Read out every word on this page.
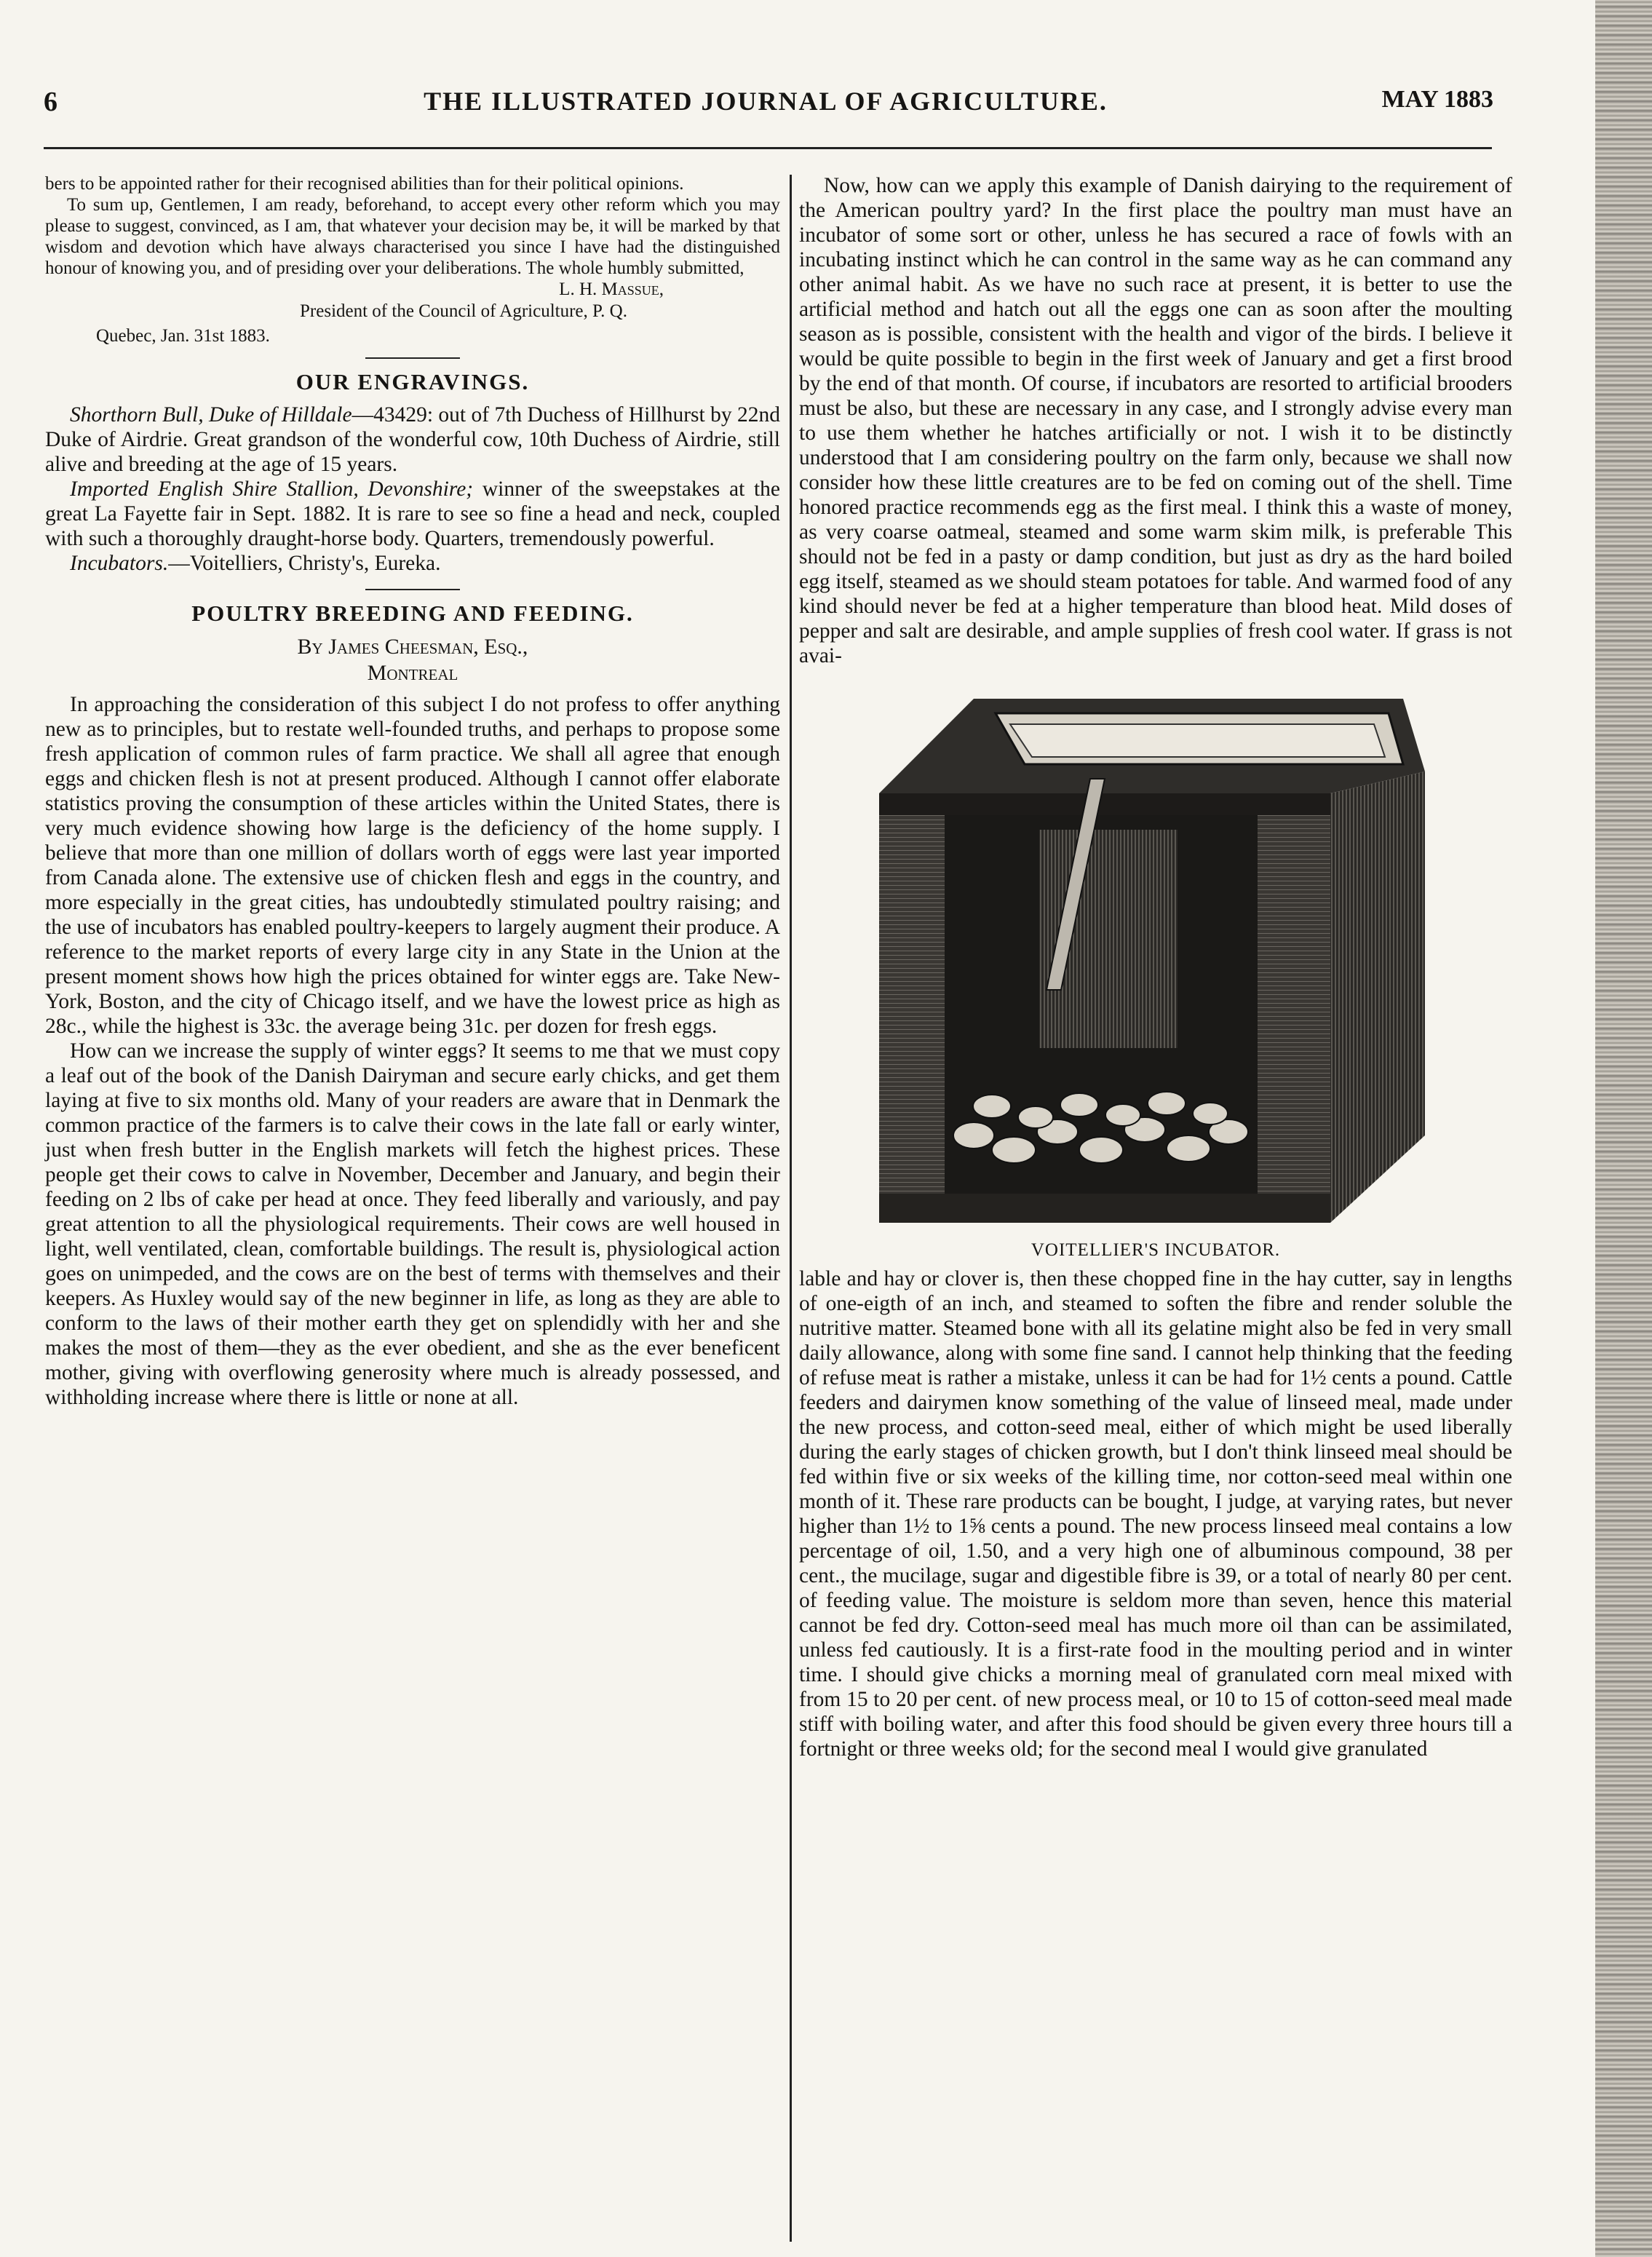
6	THE ILLUSTRATED JOURNAL OF AGRICULTURE.	MAY 1883

bers to be appointed rather for their recognised abilities than for their political opinions.

To sum up, Gentlemen, I am ready, beforehand, to accept every other reform which you may please to suggest, convinced, as I am, that whatever your decision may be, it will be marked by that wisdom and devotion which have always characterised you since I have had the distinguished honour of knowing you, and of presiding over your deliberations. The whole humbly submitted,

L. H. Massue,
President of the Council of Agriculture, P. Q.
Quebec, Jan. 31st 1883.
OUR ENGRAVINGS.

Shorthorn Bull, Duke of Hilldale—43429: out of 7th Duchess of Hillhurst by 22nd Duke of Airdrie. Great grandson of the wonderful cow, 10th Duchess of Airdrie, still alive and breeding at the age of 15 years.

Imported English Shire Stallion, Devonshire; winner of the sweepstakes at the great La Fayette fair in Sept. 1882. It is rare to see so fine a head and neck, coupled with such a thoroughly draught-horse body. Quarters, tremendously powerful.

Incubators.—Voitelliers, Christy's, Eureka.

POULTRY BREEDING AND FEEDING.
By James Cheesman, Esq.,
Montreal

In approaching the consideration of this subject I do not profess to offer anything new as to principles, but to restate well-founded truths, and perhaps to propose some fresh application of common rules of farm practice. We shall all agree that enough eggs and chicken flesh is not at present produced. Although I cannot offer elaborate statistics proving the consumption of these articles within the United States, there is very much evidence showing how large is the deficiency of the home supply. I believe that more than one million of dollars worth of eggs were last year imported from Canada alone. The extensive use of chicken flesh and eggs in the country, and more especially in the great cities, has undoubtedly stimulated poultry raising; and the use of incubators has enabled poultry-keepers to largely augment their produce. A reference to the market reports of every large city in any State in the Union at the present moment shows how high the prices obtained for winter eggs are. Take New-York, Boston, and the city of Chicago itself, and we have the lowest price as high as 28c., while the highest is 33c. the average being 31c. per dozen for fresh eggs.

How can we increase the supply of winter eggs? It seems to me that we must copy a leaf out of the book of the Danish Dairyman and secure early chicks, and get them laying at five to six months old. Many of your readers are aware that in Denmark the common practice of the farmers is to calve their cows in the late fall or early winter, just when fresh butter in the English markets will fetch the highest prices. These people get their cows to calve in November, December and January, and begin their feeding on 2 lbs of cake per head at once. They feed liberally and variously, and pay great attention to all the physiological requirements. Their cows are well housed in light, well ventilated, clean, comfortable buildings. The result is, physiological action goes on unimpeded, and the cows are on the best of terms with themselves and their keepers. As Huxley would say of the new beginner in life, as long as they are able to conform to the laws of their mother earth they get on splendidly with her and she makes the most of them—they as the ever obedient, and she as the ever beneficent mother, giving with overflowing generosity where much is already possessed, and withholding increase where there is little or none at all.

Now, how can we apply this example of Danish dairying to the requirement of the American poultry yard? In the first place the poultry man must have an incubator of some sort or other, unless he has secured a race of fowls with an incubating instinct which he can control in the same way as he can command any other animal habit. As we have no such race at present, it is better to use the artificial method and hatch out all the eggs one can as soon after the moulting season as is possible, consistent with the health and vigor of the birds. I believe it would be quite possible to begin in the first week of January and get a first brood by the end of that month. Of course, if incubators are resorted to artificial brooders must be also, but these are necessary in any case, and I strongly advise every man to use them whether he hatches artificially or not. I wish it to be distinctly understood that I am considering poultry on the farm only, because we shall now consider how these little creatures are to be fed on coming out of the shell. Time honored practice recommends egg as the first meal. I think this a waste of money, as very coarse oatmeal, steamed and some warm skim milk, is preferable This should not be fed in a pasty or damp condition, but just as dry as the hard boiled egg itself, steamed as we should steam potatoes for table. And warmed food of any kind should never be fed at a higher temperature than blood heat. Mild doses of pepper and salt are desirable, and ample supplies of fresh cool water. If grass is not avai-

VOITELLIER'S INCUBATOR.

lable and hay or clover is, then these chopped fine in the hay cutter, say in lengths of one-eigth of an inch, and steamed to soften the fibre and render soluble the nutritive matter. Steamed bone with all its gelatine might also be fed in very small daily allowance, along with some fine sand. I cannot help thinking that the feeding of refuse meat is rather a mistake, unless it can be had for 1½ cents a pound. Cattle feeders and dairymen know something of the value of linseed meal, made under the new process, and cotton-seed meal, either of which might be used liberally during the early stages of chicken growth, but I don't think linseed meal should be fed within five or six weeks of the killing time, nor cotton-seed meal within one month of it. These rare products can be bought, I judge, at varying rates, but never higher than 1½ to 1⅝ cents a pound. The new process linseed meal contains a low percentage of oil, 1.50, and a very high one of albuminous compound, 38 per cent., the mucilage, sugar and digestible fibre is 39, or a total of nearly 80 per cent. of feeding value. The moisture is seldom more than seven, hence this material cannot be fed dry. Cotton-seed meal has much more oil than can be assimilated, unless fed cautiously. It is a first-rate food in the moulting period and in winter time. I should give chicks a morning meal of granulated corn meal mixed with from 15 to 20 per cent. of new process meal, or 10 to 15 of cotton-seed meal made stiff with boiling water, and after this food should be given every three hours till a fortnight or three weeks old; for the second meal I would give granulated
